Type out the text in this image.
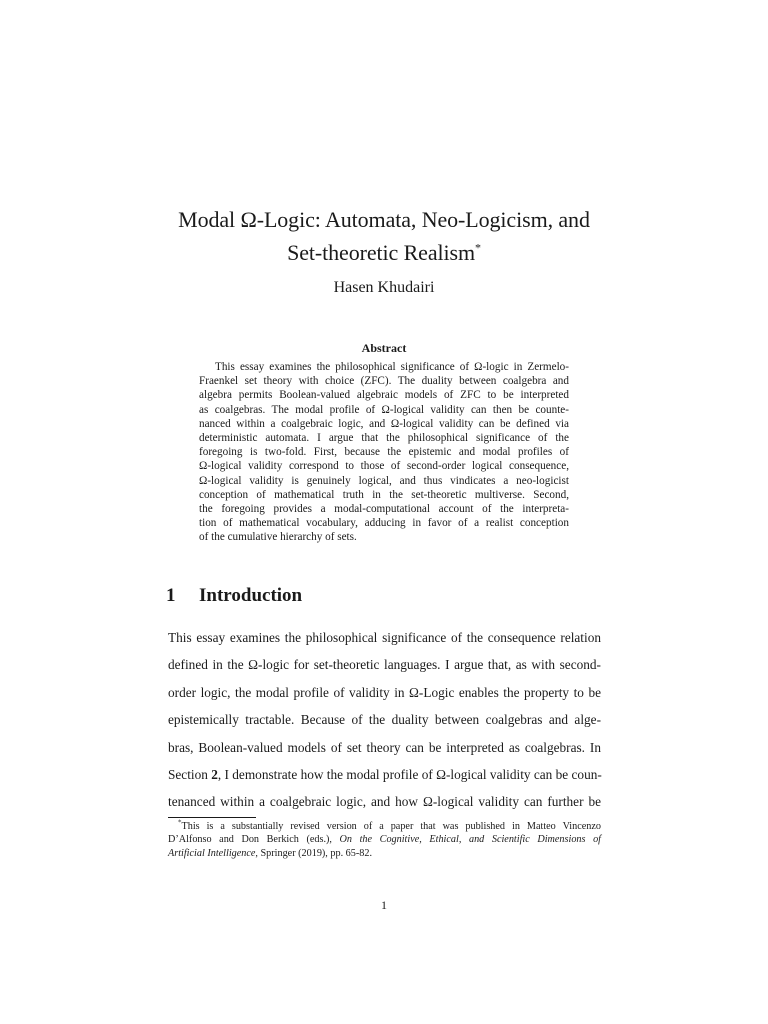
Modal Ω-Logic: Automata, Neo-Logicism, and
Set-theoretic Realism*
Hasen Khudairi
Abstract
This essay examines the philosophical significance of Ω-logic in Zermelo-
Fraenkel set theory with choice (ZFC). The duality between coalgebra and
algebra permits Boolean-valued algebraic models of ZFC to be interpreted
as coalgebras. The modal profile of Ω-logical validity can then be counte-
nanced within a coalgebraic logic, and Ω-logical validity can be defined via
deterministic automata. I argue that the philosophical significance of the
foregoing is two-fold. First, because the epistemic and modal profiles of
Ω-logical validity correspond to those of second-order logical consequence,
Ω-logical validity is genuinely logical, and thus vindicates a neo-logicist
conception of mathematical truth in the set-theoretic multiverse. Second,
the foregoing provides a modal-computational account of the interpreta-
tion of mathematical vocabulary, adducing in favor of a realist conception
of the cumulative hierarchy of sets.
1 Introduction
This essay examines the philosophical significance of the consequence relation
defined in the Ω-logic for set-theoretic languages. I argue that, as with second-
order logic, the modal profile of validity in Ω-Logic enables the property to be
epistemically tractable. Because of the duality between coalgebras and alge-
bras, Boolean-valued models of set theory can be interpreted as coalgebras. In
Section 2, I demonstrate how the modal profile of Ω-logical validity can be coun-
tenanced within a coalgebraic logic, and how Ω-logical validity can further be
*This is a substantially revised version of a paper that was published in Matteo Vincenzo
D’Alfonso and Don Berkich (eds.), On the Cognitive, Ethical, and Scientific Dimensions of
Artificial Intelligence, Springer (2019), pp. 65-82.
1
